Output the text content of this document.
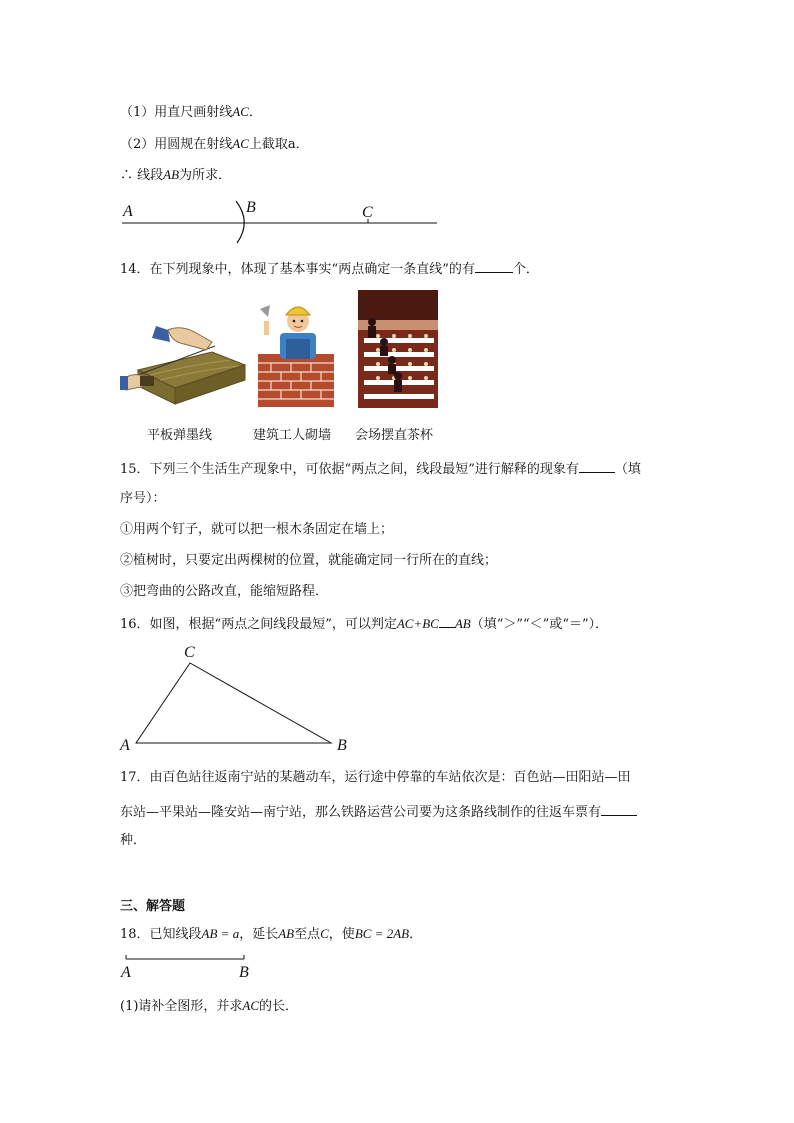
（1）用直尺画射线AC．
（2）用圆规在射线AC上截取a．
∴ 线段AB为所求．
A	B	C
14．在下列现象中，体现了基本事实“两点确定一条直线”的有	个．
平板弹墨线	建筑工人砌墙 会场摆直茶杯
15．下列三个生活生产现象中，可依据“两点之间，线段最短”进行解释的现象有	（填
序号）：
①用两个钉子，就可以把一根木条固定在墙上；
②植树时，只要定出两棵树的位置，就能确定同一行所在的直线；
③把弯曲的公路改直，能缩短路程．
16．如图，根据“两点之间线段最短”，可以判定AC+BC AB（填“＞”“＜”或“＝”）．
C
A	B
17．由百色站往返南宁站的某趟动车，运行途中停靠的车站依次是：百色站—田阳站—田
东站—平果站—隆安站—南宁站，那么铁路运营公司要为这条路线制作的往返车票有
种．
三、解答题
18．已知线段AB = a，延长AB至点C，使BC = 2AB．
A	B
(1)请补全图形，并求AC的长．
